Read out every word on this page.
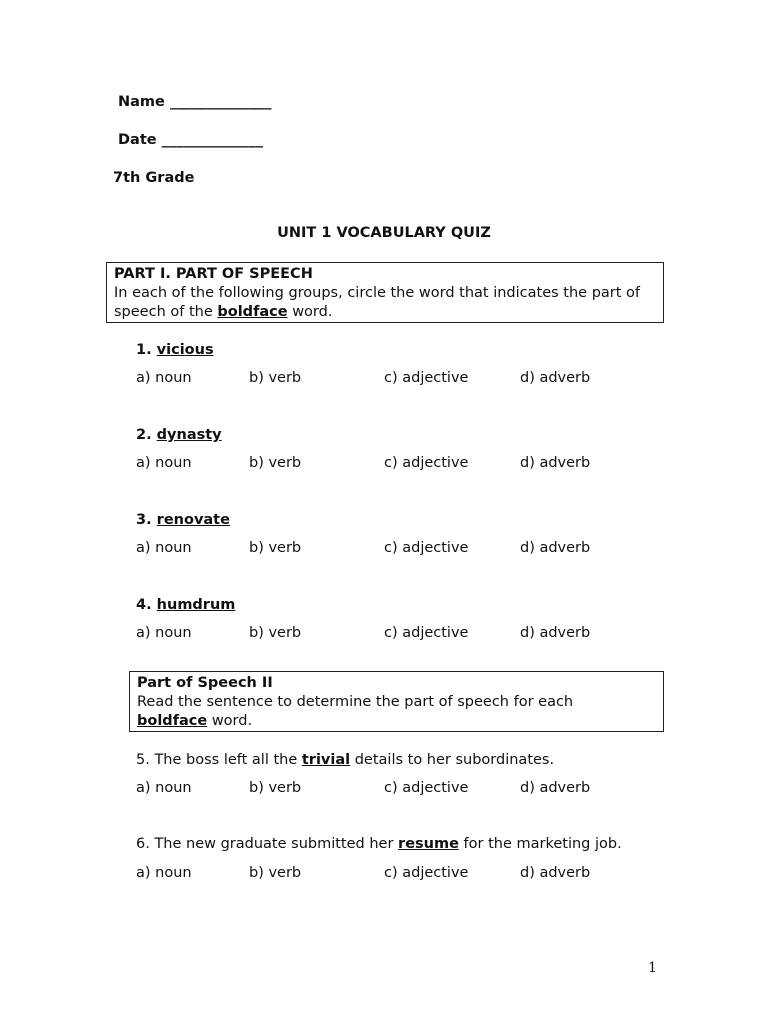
Name ______________
Date ______________
7th Grade
UNIT 1 VOCABULARY QUIZ
PART I. PART OF SPEECH
In each of the following groups, circle the word that indicates the part of speech of the boldface word.
1. vicious
a) noun	b) verb	c) adjective	d) adverb
2. dynasty
a) noun	b) verb	c) adjective	d) adverb
3. renovate
a) noun	b) verb	c) adjective	d) adverb
4. humdrum
a) noun	b) verb	c) adjective	d) adverb
Part of Speech II
Read the sentence to determine the part of speech for each
boldface word.
5. The boss left all the trivial details to her subordinates.
a) noun	b) verb	c) adjective	d) adverb
6. The new graduate submitted her resume for the marketing job.
a) noun	b) verb	c) adjective	d) adverb
1
